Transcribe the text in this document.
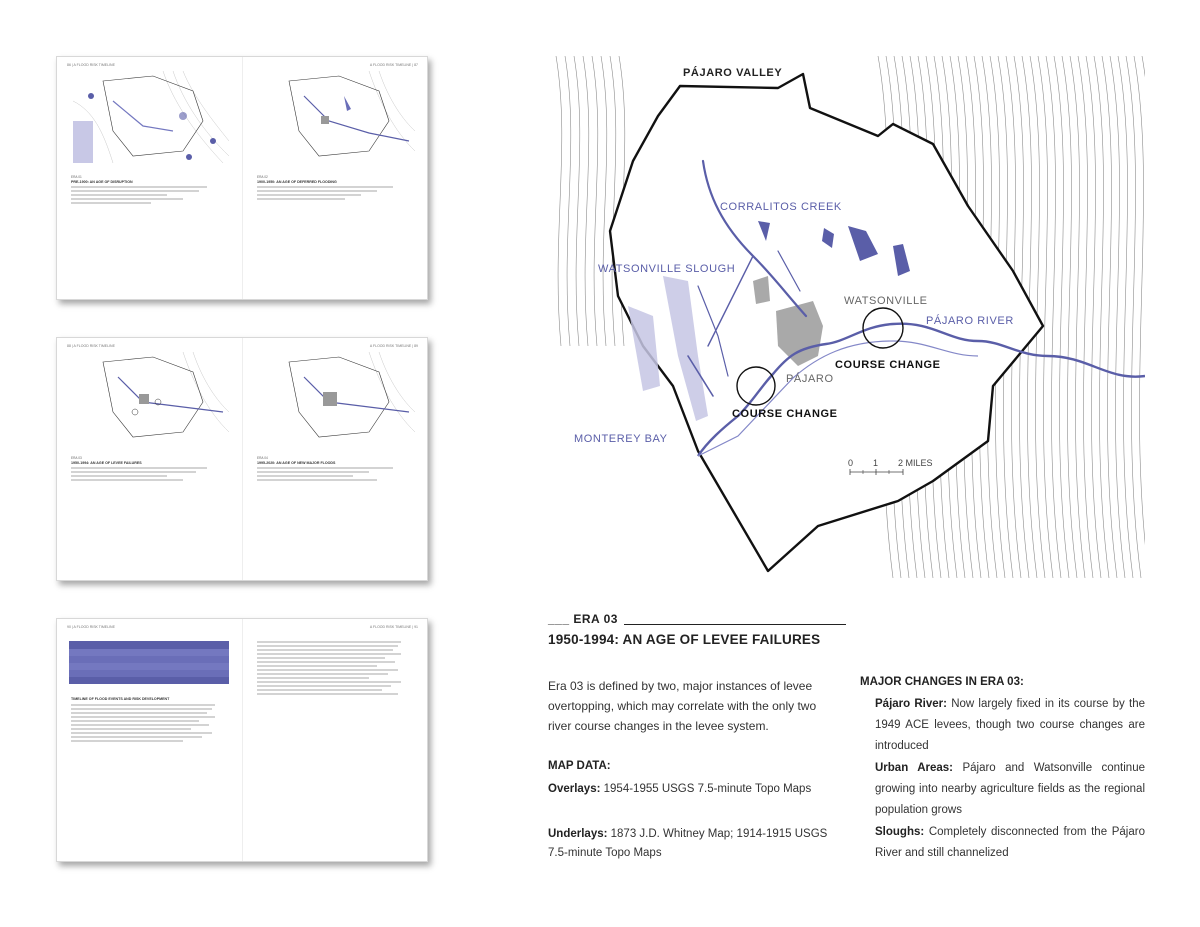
86 | A FLOOD RISK TIMELINE
ERA 01
PRE-1900: AN AGE OF DISRUPTION
A FLOOD RISK TIMELINE | 87
ERA 02
1900-1950: AN AGE OF DEFERRED FLOODING
88 | A FLOOD RISK TIMELINE
ERA 03
1950-1994: AN AGE OF LEVEE FAILURES
A FLOOD RISK TIMELINE | 89
ERA 04
1995-2020: AN AGE OF NEW MAJOR FLOODS
90 | A FLOOD RISK TIMELINE
TIMELINE OF FLOOD EVENTS AND RISK DEVELOPMENT
A FLOOD RISK TIMELINE | 91
PÁJARO VALLEY
CORRALITOS CREEK
WATSONVILLE SLOUGH
WATSONVILLE
PÁJARO RIVER
COURSE CHANGE
PÁJARO
COURSE CHANGE
MONTEREY BAY
0 1 2 MILES
___ ERA 03
1950-1994: AN AGE OF LEVEE FAILURES
Era 03 is defined by two, major instances of levee overtopping, which may correlate with the only two river course changes in the levee system.
MAP DATA:
Overlays: 1954-1955 USGS 7.5-minute Topo Maps
Underlays: 1873 J.D. Whitney Map; 1914-1915 USGS 7.5-minute Topo Maps
MAJOR CHANGES IN ERA 03:
Pájaro River: Now largely fixed in its course by the 1949 ACE levees, though two course changes are introduced
Urban Areas: Pájaro and Watsonville continue growing into nearby agriculture fields as the regional population grows
Sloughs: Completely disconnected from the Pájaro River and still channelized
